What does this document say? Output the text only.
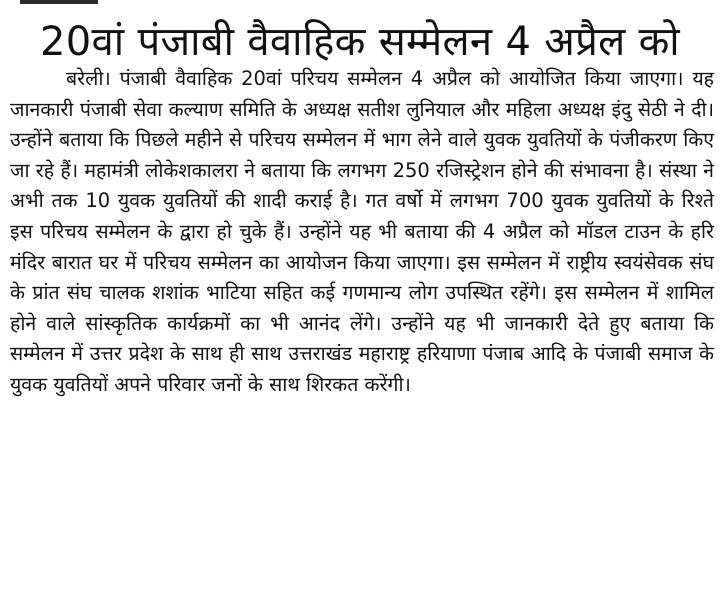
20वां पंजाबी वैवाहिक सम्मेलन 4 अप्रैल को

बरेली। पंजाबी वैवाहिक 20वां परिचय सम्मेलन 4 अप्रैल को आयोजित किया जाएगा। यह जानकारी पंजाबी सेवा कल्याण समिति के अध्यक्ष सतीश लुनियाल और महिला अध्यक्ष इंदु सेठी ने दी। उन्होंने बताया कि पिछले महीने से परिचय सम्मेलन में भाग लेने वाले युवक युवतियों के पंजीकरण किए जा रहे हैं। महामंत्री लोकेशकालरा ने बताया कि लगभग 250 रजिस्ट्रेशन होने की संभावना है। संस्था ने अभी तक 10 युवक युवतियों की शादी कराई है। गत वर्षो में लगभग 700 युवक युवतियों के रिश्ते इस परिचय सम्मेलन के द्वारा हो चुके हैं। उन्होंने यह भी बताया की 4 अप्रैल को मॉडल टाउन के हरि मंदिर बारात घर में परिचय सम्मेलन का आयोजन किया जाएगा। इस सम्मेलन में राष्ट्रीय स्वयंसेवक संघ के प्रांत संघ चालक शशांक भाटिया सहित कई गणमान्य लोग उपस्थित रहेंगे। इस सम्मेलन में शामिल होने वाले सांस्कृतिक कार्यक्रमों का भी आनंद लेंगे। उन्होंने यह भी जानकारी देते हुए बताया कि सम्मेलन में उत्तर प्रदेश के साथ ही साथ उत्तराखंड महाराष्ट्र हरियाणा पंजाब आदि के पंजाबी समाज के युवक युवतियों अपने परिवार जनों के साथ शिरकत करेंगी।
